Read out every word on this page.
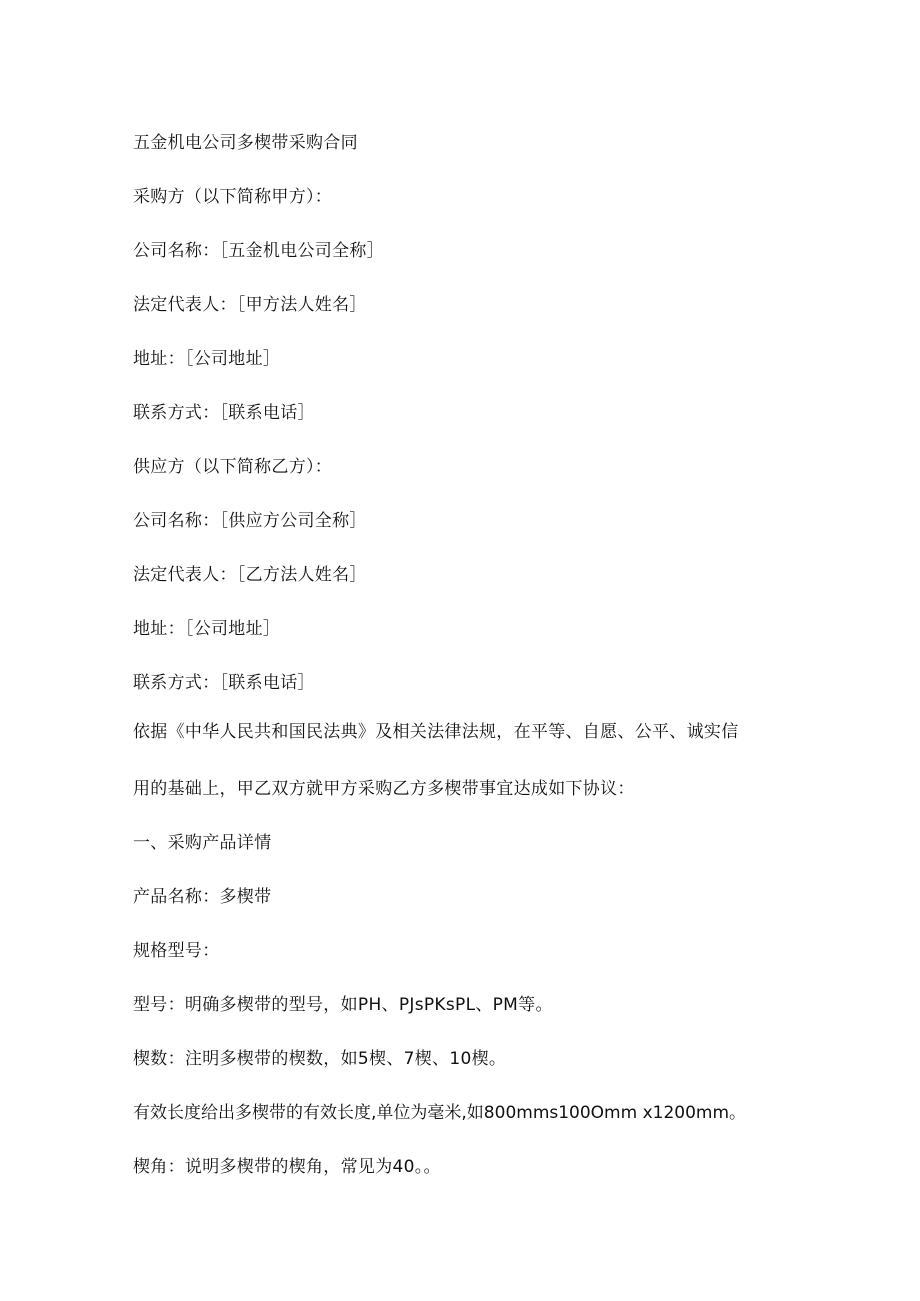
五金机电公司多楔带采购合同
采购方（以下简称甲方）：
公司名称：［五金机电公司全称］
法定代表人：［甲方法人姓名］
地址：［公司地址］
联系方式：［联系电话］
供应方（以下简称乙方）：
公司名称：［供应方公司全称］
法定代表人：［乙方法人姓名］
地址：［公司地址］
联系方式：［联系电话］
依据《中华人民共和国民法典》及相关法律法规，在平等、自愿、公平、诚实信
用的基础上，甲乙双方就甲方采购乙方多楔带事宜达成如下协议：
一、采购产品详情
产品名称：多楔带
规格型号：
型号：明确多楔带的型号，如PH、PJsPKsPL、PM等。
楔数：注明多楔带的楔数，如5楔、7楔、10楔。
有效长度给出多楔带的有效长度,单位为毫米,如800mms100Omm x1200mm。
楔角：说明多楔带的楔角，常见为40。。
